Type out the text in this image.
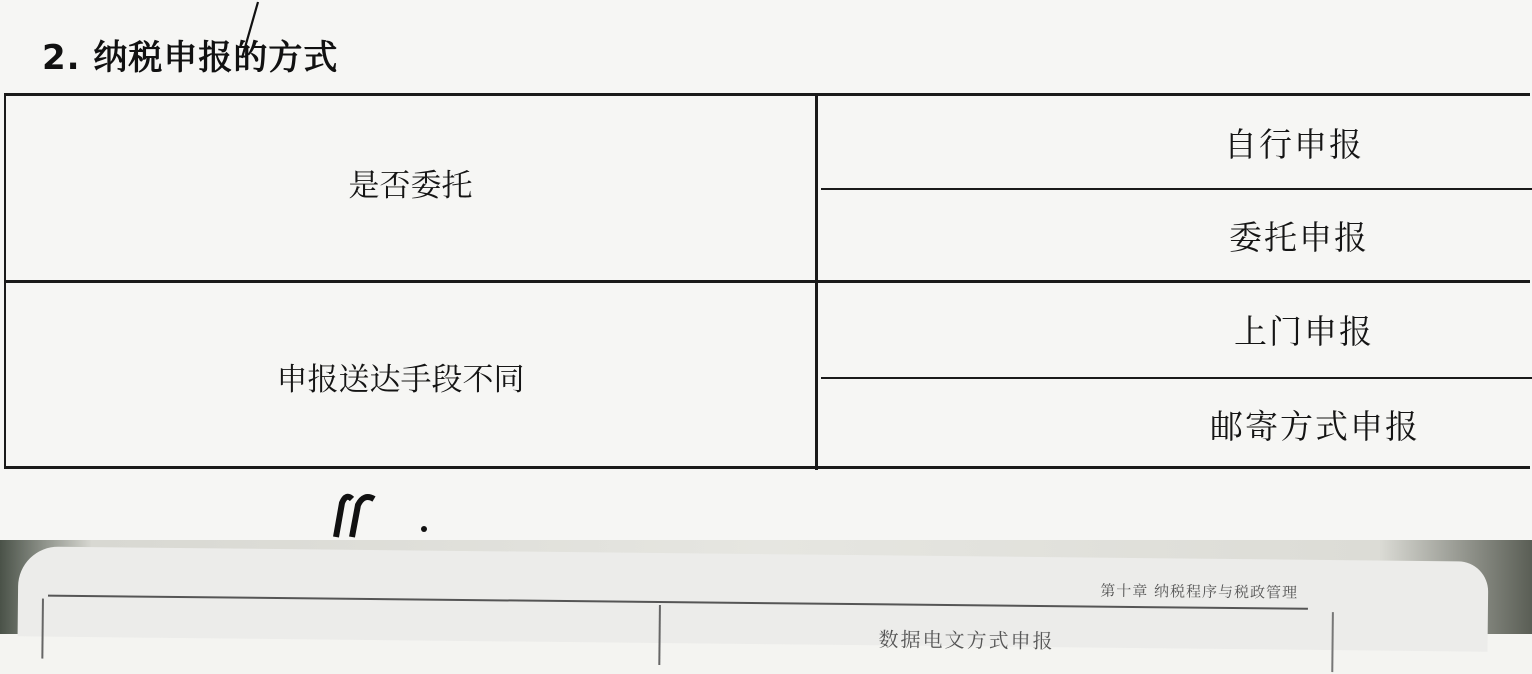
2. 纳税申报的方式
是否委托
自行申报
委托申报
申报送达手段不同
上门申报
邮寄方式申报
第十章 纳税程序与税政管理
数据电文方式申报
